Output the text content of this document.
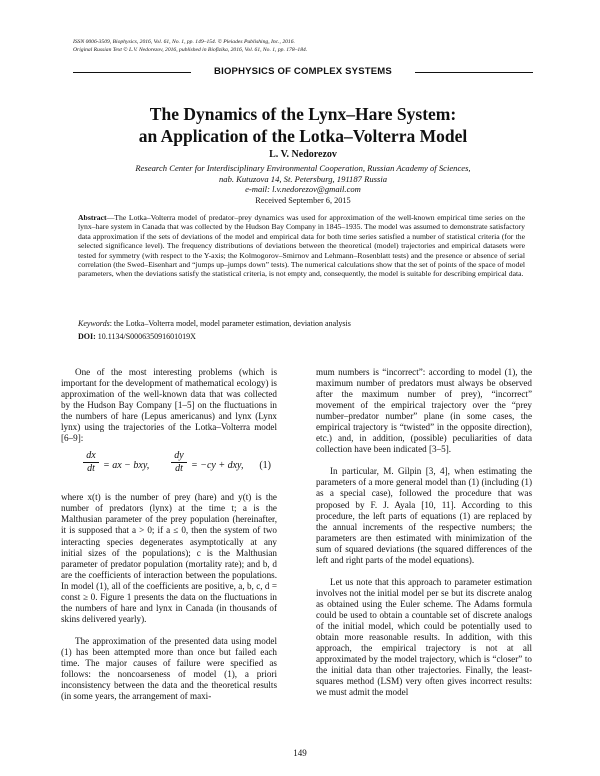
ISSN 0006-3509, Biophysics, 2016, Vol. 61, No. 1, pp. 149–154. © Pleiades Publishing, Inc., 2016.
Original Russian Text © L.V. Nedorezov, 2016, published in Biofizika, 2016, Vol. 61, No. 1, pp. 178–184.
BIOPHYSICS OF COMPLEX SYSTEMS
The Dynamics of the Lynx–Hare System:
an Application of the Lotka–Volterra Model
L. V. Nedorezov
Research Center for Interdisciplinary Environmental Cooperation, Russian Academy of Sciences,
nab. Kutuzova 14, St. Petersburg, 191187 Russia
e-mail: l.v.nedorezov@gmail.com
Received September 6, 2015
Abstract—The Lotka–Volterra model of predator–prey dynamics was used for approximation of the well-known empirical time series on the lynx–hare system in Canada that was collected by the Hudson Bay Company in 1845–1935. The model was assumed to demonstrate satisfactory data approximation if the sets of deviations of the model and empirical data for both time series satisfied a number of statistical criteria (for the selected significance level). The frequency distributions of deviations between the theoretical (model) trajectories and empirical datasets were tested for symmetry (with respect to the Y-axis; the Kolmogorov–Smirnov and Lehmann–Rosenblatt tests) and the presence or absence of serial correlation (the Swed–Eisenhart and “jumps up–jumps down” tests). The numerical calculations show that the set of points of the space of model parameters, when the deviations satisfy the statistical criteria, is not empty and, consequently, the model is suitable for describing empirical data.
Keywords: the Lotka–Volterra model, model parameter estimation, deviation analysis
DOI: 10.1134/S000635091601019X

One of the most interesting problems (which is important for the development of mathematical ecology) is approximation of the well-known data that was collected by the Hudson Bay Company [1–5] on the fluctuations in the numbers of hare (Lepus americanus) and lynx (Lynx lynx) using the trajectories of the Lotka–Volterra model [6–9]:

$\frac{dx}{dt}$ = ax − bxy, $\frac{dy}{dt} = -cy$ + dxy, (1)

where x(t) is the number of prey (hare) and y(t) is the number of predators (lynx) at the time t; a is the Malthusian parameter of the prey population (hereinafter, it is supposed that a > 0; if a ≤ 0, then the system of two interacting species degenerates asymptotically at any initial sizes of the populations); c is the Malthusian parameter of predator population (mortality rate); and b, d are the coefficients of interaction between the populations. In model (1), all of the coefficients are positive, a, b, c, d = const ≥ 0. Figure 1 presents the data on the fluctuations in the numbers of hare and lynx in Canada (in thousands of skins delivered yearly).

The approximation of the presented data using model (1) has been attempted more than once but failed each time. The major causes of failure were specified as follows: the noncoarseness of model (1), a priori inconsistency between the data and the theoretical results (in some years, the arrangement of maxi-

mum numbers is “incorrect”: according to model (1), the maximum number of predators must always be observed after the maximum number of prey), “incorrect” movement of the empirical trajectory over the “prey number–predator number” plane (in some cases, the empirical trajectory is “twisted” in the opposite direction), etc.) and, in addition, (possible) peculiarities of data collection have been indicated [3–5].

In particular, M. Gilpin [3, 4], when estimating the parameters of a more general model than (1) (including (1) as a special case), followed the procedure that was proposed by F. J. Ayala [10, 11]. According to this procedure, the left parts of equations (1) are replaced by the annual increments of the respective numbers; the parameters are then estimated with minimization of the sum of squared deviations (the squared differences of the left and right parts of the model equations).

Let us note that this approach to parameter estimation involves not the initial model per se but its discrete analog as obtained using the Euler scheme. The Adams formula could be used to obtain a countable set of discrete analogs of the initial model, which could be potentially used to obtain more reasonable results. In addition, with this approach, the empirical trajectory is not at all approximated by the model trajectory, which is “closer” to the initial data than other trajectories. Finally, the least-squares method (LSM) very often gives incorrect results: we must admit the model

149
